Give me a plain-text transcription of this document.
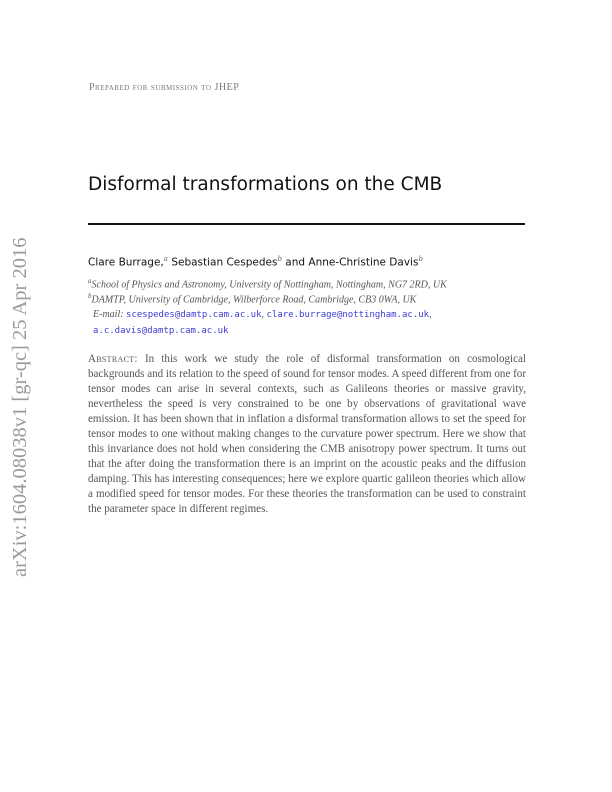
arXiv:1604.08038v1 [gr-qc] 25 Apr 2016
Prepared for submission to JHEP
Disformal transformations on the CMB
Clare Burrage,$^a$ Sebastian Cespedes$^b$ and Anne-Christine Davis$^b$
$^a$School of Physics and Astronomy, University of Nottingham, Nottingham, NG7 2RD, UK
$^b$DAMTP, University of Cambridge, Wilberforce Road, Cambridge, CB3 0WA, UK
E-mail: scespedes@damtp.cam.ac.uk, clare.burrage@nottingham.ac.uk,
a.c.davis@damtp.cam.ac.uk
Abstract: In this work we study the role of disformal transformation on cosmological backgrounds and its relation to the speed of sound for tensor modes. A speed different from one for tensor modes can arise in several contexts, such as Galileons theories or massive gravity, nevertheless the speed is very constrained to be one by observations of gravitational wave emission. It has been shown that in inflation a disformal transformation allows to set the speed for tensor modes to one without making changes to the curvature power spectrum. Here we show that this invariance does not hold when considering the CMB anisotropy power spectrum. It turns out that the after doing the transformation there is an imprint on the acoustic peaks and the diffusion damping. This has interesting consequences; here we explore quartic galileon theories which allow a modified speed for tensor modes. For these theories the transformation can be used to constraint the parameter space in different regimes.
